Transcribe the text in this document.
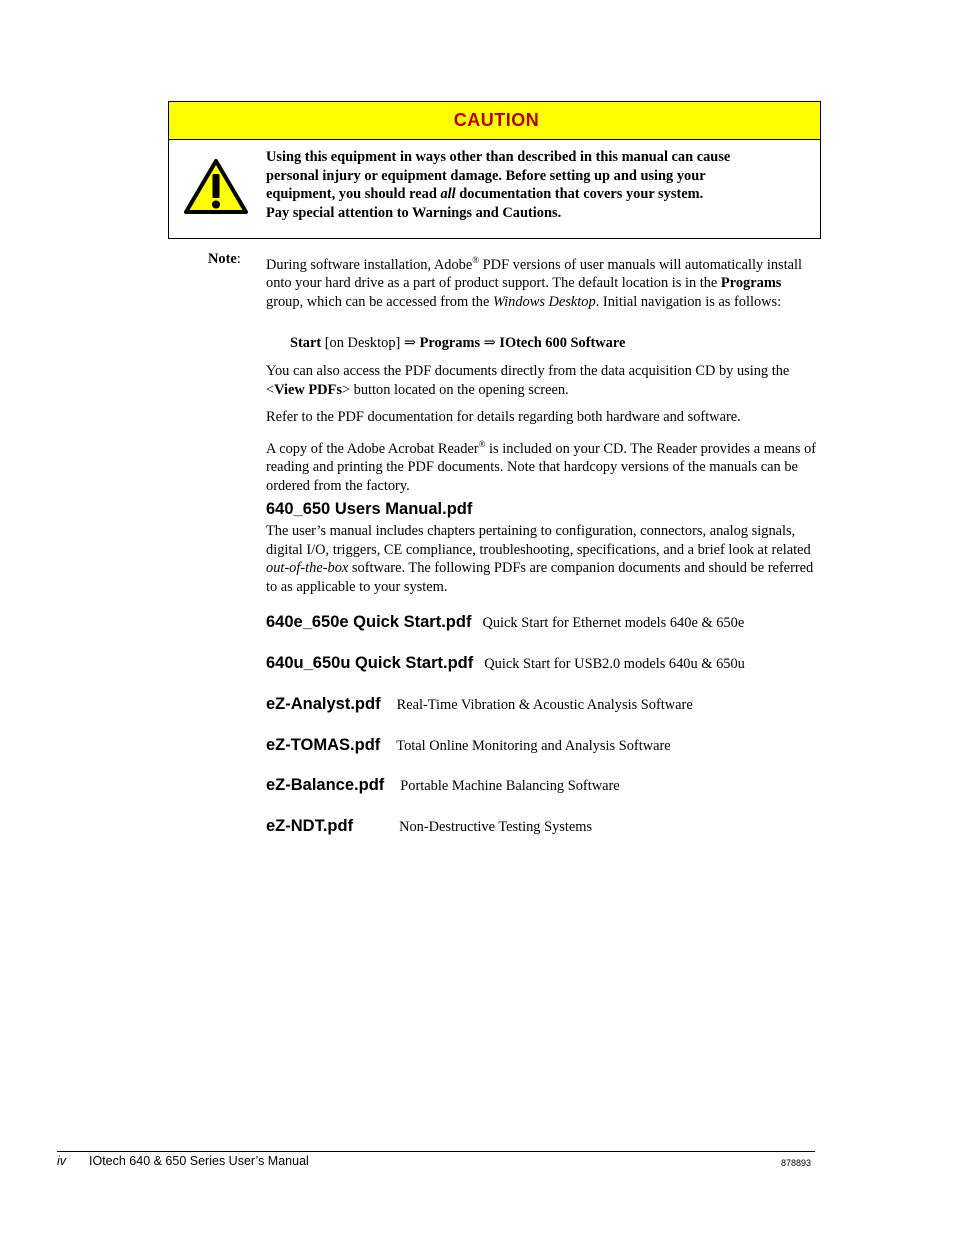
CAUTION

Using this equipment in ways other than described in this manual can cause

personal injury or equipment damage. Before setting up and using your

equipment, you should read all documentation that covers your system.

Pay special attention to Warnings and Cautions.

Note: During software installation, Adobe® PDF versions of user manuals will automatically install onto your hard drive as a part of product support. The default location is in the Programs group, which can be accessed from the Windows Desktop. Initial navigation is as follows:

Start [on Desktop] ⇒ Programs ⇒ IOtech 600 Software

You can also access the PDF documents directly from the data acquisition CD by using the <View PDFs> button located on the opening screen.

Refer to the PDF documentation for details regarding both hardware and software.

A copy of the Adobe Acrobat Reader® is included on your CD. The Reader provides a means of reading and printing the PDF documents. Note that hardcopy versions of the manuals can be ordered from the factory.

640_650 Users Manual.pdf

The user’s manual includes chapters pertaining to configuration, connectors, analog signals, digital I/O, triggers, CE compliance, troubleshooting, specifications, and a brief look at related out-of-the-box software. The following PDFs are companion documents and should be referred to as applicable to your system.

640e_650e Quick Start.pdf Quick Start for Ethernet models 640e & 650e
640u_650u Quick Start.pdf Quick Start for USB2.0 models 640u & 650u
eZ-Analyst.pdf Real-Time Vibration & Acoustic Analysis Software
eZ-TOMAS.pdf Total Online Monitoring and Analysis Software
eZ-Balance.pdf Portable Machine Balancing Software
eZ-NDT.pdf	Non-Destructive Testing Systems
iv IOtech 640 & 650 Series User’s Manual	878893
